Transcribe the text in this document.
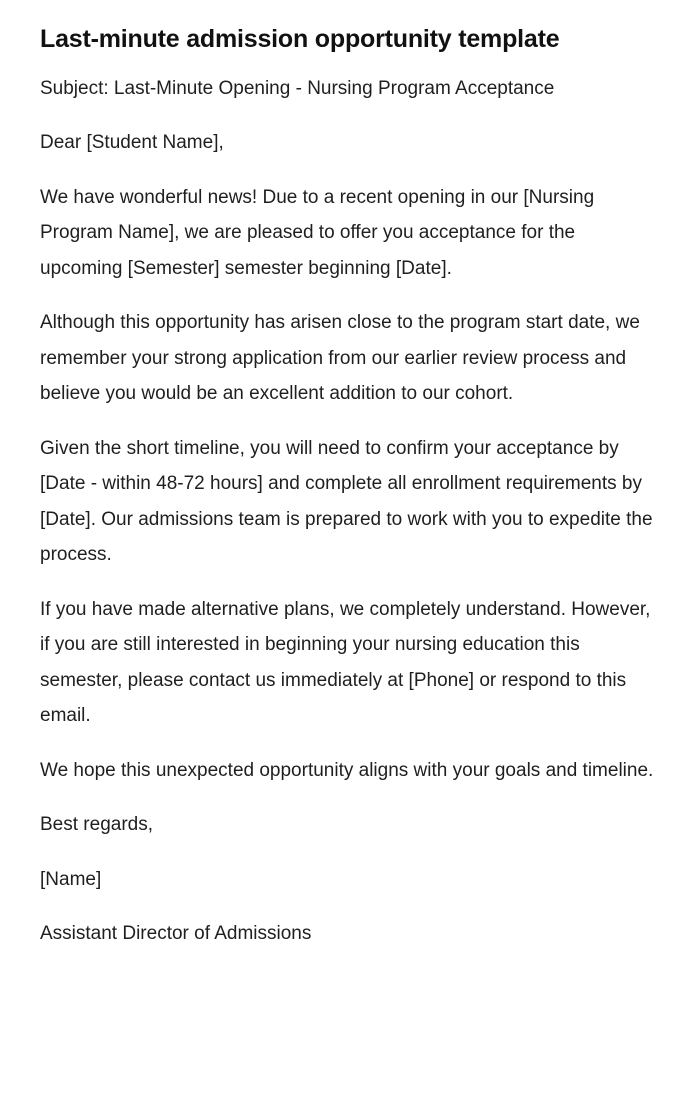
Last-minute admission opportunity template

Subject: Last-Minute Opening - Nursing Program Acceptance

Dear [Student Name],

We have wonderful news! Due to a recent opening in our [Nursing Program Name], we are pleased to offer you acceptance for the upcoming [Semester] semester beginning [Date].

Although this opportunity has arisen close to the program start date, we remember your strong application from our earlier review process and believe you would be an excellent addition to our cohort.

Given the short timeline, you will need to confirm your acceptance by [Date - within 48-72 hours] and complete all enrollment requirements by [Date]. Our admissions team is prepared to work with you to expedite the process.

If you have made alternative plans, we completely understand. However, if you are still interested in beginning your nursing education this semester, please contact us immediately at [Phone] or respond to this email.

We hope this unexpected opportunity aligns with your goals and timeline.

Best regards,

[Name]

Assistant Director of Admissions
